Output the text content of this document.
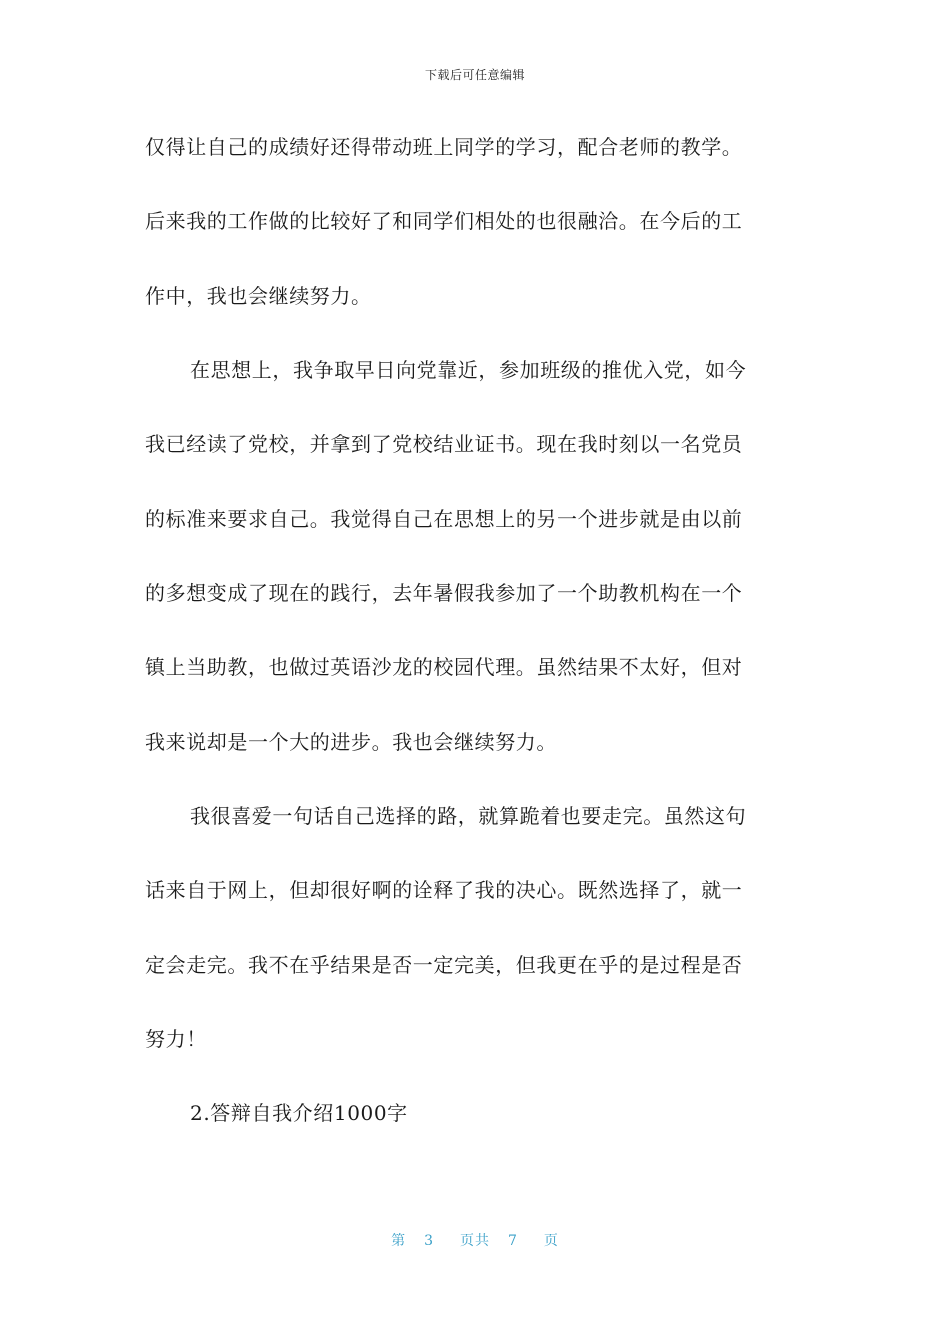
下载后可任意编辑
仅得让自己的成绩好还得带动班上同学的学习，配合老师的教学。
后来我的工作做的比较好了和同学们相处的也很融洽。在今后的工
作中，我也会继续努力。
在思想上，我争取早日向党靠近，参加班级的推优入党，如今
我已经读了党校，并拿到了党校结业证书。现在我时刻以一名党员
的标准来要求自己。我觉得自己在思想上的另一个进步就是由以前
的多想变成了现在的践行，去年暑假我参加了一个助教机构在一个
镇上当助教，也做过英语沙龙的校园代理。虽然结果不太好，但对
我来说却是一个大的进步。我也会继续努力。
我很喜爱一句话自己选择的路，就算跪着也要走完。虽然这句
话来自于网上，但却很好啊的诠释了我的决心。既然选择了，就一
定会走完。我不在乎结果是否一定完美，但我更在乎的是过程是否
努力！
2.答辩自我介绍1000字
第 3 页共 7 页
